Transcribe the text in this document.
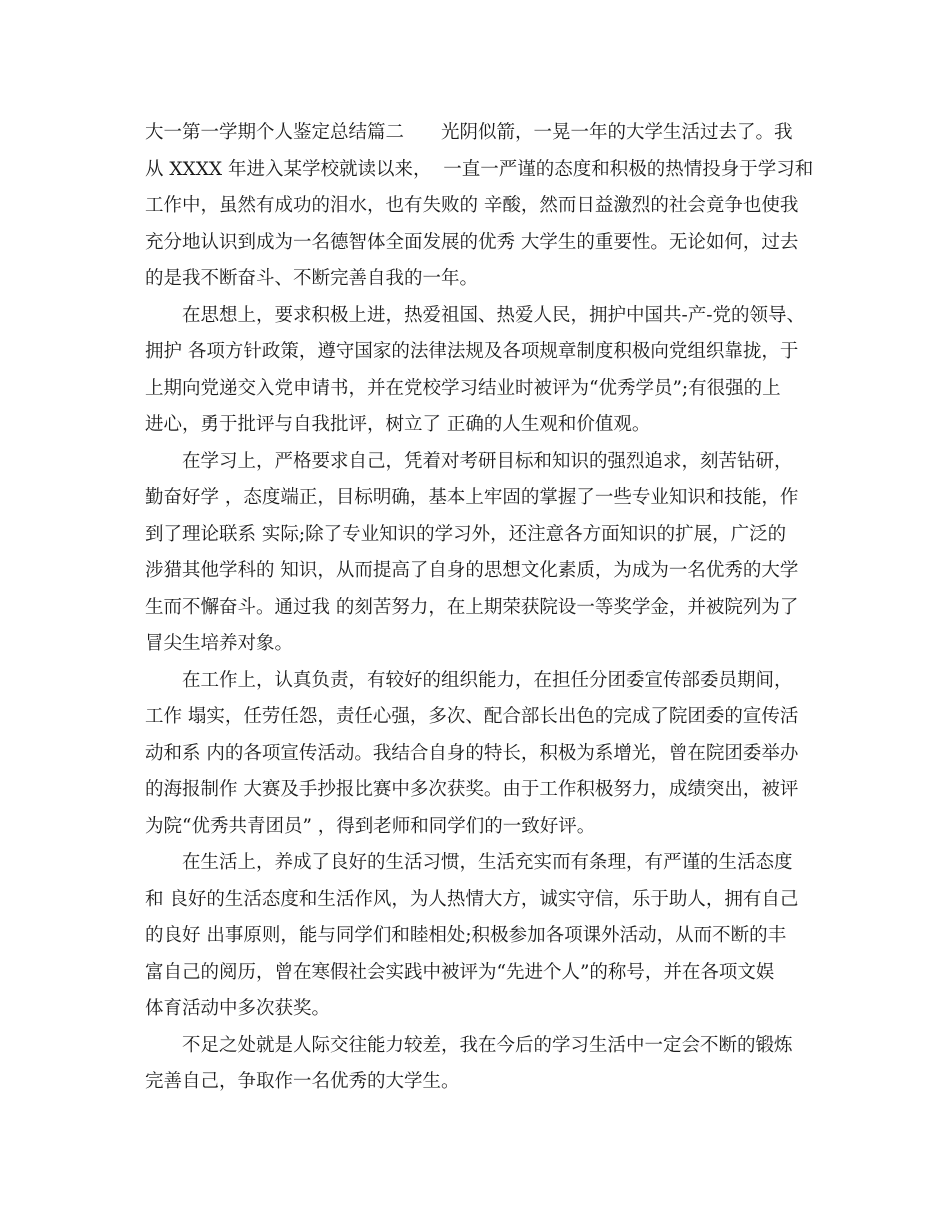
大一第一学期个人鉴定总结篇二　　光阴似箭，一晃一年的大学生活过去了。我
从 XXXX 年进入某学校就读以来，  一直一严谨的态度和积极的热情投身于学习和
工作中，虽然有成功的泪水，也有失败的 辛酸，然而日益激烈的社会竟争也使我
充分地认识到成为一名德智体全面发展的优秀 大学生的重要性。无论如何，过去
的是我不断奋斗、不断完善自我的一年。
　　在思想上，要求积极上进，热爱祖国、热爱人民，拥护中国共-产-党的领导、
拥护 各项方针政策，遵守国家的法律法规及各项规章制度积极向党组织靠拢，于
上期向党递交入党申请书，并在党校学习结业时被评为“优秀学员”;有很强的上
进心，勇于批评与自我批评，树立了 正确的人生观和价值观。
　　在学习上，严格要求自己，凭着对考研目标和知识的强烈追求，刻苦钻研，
勤奋好学 ，态度端正，目标明确，基本上牢固的掌握了一些专业知识和技能，作
到了理论联系 实际;除了专业知识的学习外，还注意各方面知识的扩展，广泛的
涉猎其他学科的 知识，从而提高了自身的思想文化素质，为成为一名优秀的大学
生而不懈奋斗。通过我 的刻苦努力，在上期荣获院设一等奖学金，并被院列为了
冒尖生培养对象。
　　在工作上，认真负责，有较好的组织能力，在担任分团委宣传部委员期间，
工作 塌实，任劳任怨，责任心强，多次、配合部长出色的完成了院团委的宣传活
动和系 内的各项宣传活动。我结合自身的特长，积极为系增光，曾在院团委举办
的海报制作 大赛及手抄报比赛中多次获奖。由于工作积极努力，成绩突出，被评
为院“优秀共青团员” ，得到老师和同学们的一致好评。
　　在生活上，养成了良好的生活习惯，生活充实而有条理，有严谨的生活态度
和 良好的生活态度和生活作风，为人热情大方，诚实守信，乐于助人，拥有自己
的良好 出事原则，能与同学们和睦相处;积极参加各项课外活动，从而不断的丰
富自己的阅历，曾在寒假社会实践中被评为“先进个人”的称号，并在各项文娱
体育活动中多次获奖。
　　不足之处就是人际交往能力较差，我在今后的学习生活中一定会不断的锻炼
完善自己，争取作一名优秀的大学生。
